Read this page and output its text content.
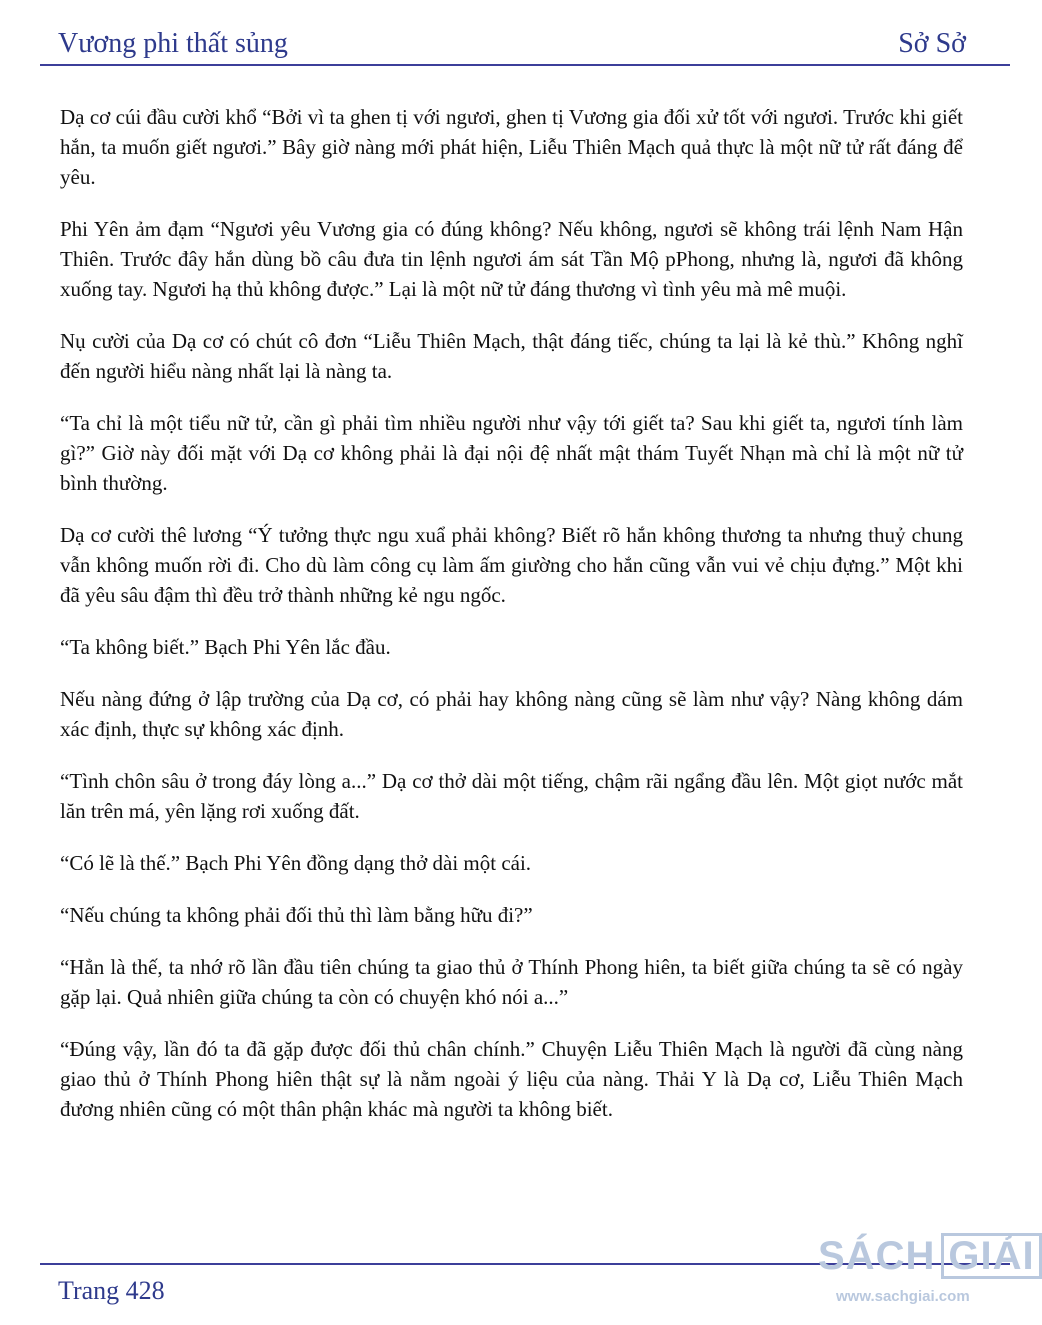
Vương phi thất sủng	Sở Sở

Dạ cơ cúi đầu cười khổ “Bởi vì ta ghen tị với ngươi, ghen tị Vương gia đối xử tốt với ngươi. Trước khi giết hắn, ta muốn giết ngươi.” Bây giờ nàng mới phát hiện, Liễu Thiên Mạch quả thực là một nữ tử rất đáng để yêu.

Phi Yên ảm đạm “Ngươi yêu Vương gia có đúng không? Nếu không, ngươi sẽ không trái lệnh Nam Hận Thiên. Trước đây hắn dùng bồ câu đưa tin lệnh ngươi ám sát Tần Mộ pPhong, nhưng là, ngươi đã không xuống tay. Ngươi hạ thủ không được.” Lại là một nữ tử đáng thương vì tình yêu mà mê muội.

Nụ cười của Dạ cơ có chút cô đơn “Liễu Thiên Mạch, thật đáng tiếc, chúng ta lại là kẻ thù.” Không nghĩ đến người hiểu nàng nhất lại là nàng ta.

“Ta chỉ là một tiểu nữ tử, cần gì phải tìm nhiều người như vậy tới giết ta? Sau khi giết ta, ngươi tính làm gì?” Giờ này đối mặt với Dạ cơ không phải là đại nội đệ nhất mật thám Tuyết Nhạn mà chỉ là một nữ tử bình thường.

Dạ cơ cười thê lương “Ý tưởng thực ngu xuẩ phải không? Biết rõ hắn không thương ta nhưng thuỷ chung vẫn không muốn rời đi. Cho dù làm công cụ làm ấm giường cho hắn cũng vẫn vui vẻ chịu đựng.” Một khi đã yêu sâu đậm thì đều trở thành những kẻ ngu ngốc.

“Ta không biết.” Bạch Phi Yên lắc đầu.

Nếu nàng đứng ở lập trường của Dạ cơ, có phải hay không nàng cũng sẽ làm như vậy? Nàng không dám xác định, thực sự không xác định.

“Tình chôn sâu ở trong đáy lòng a...” Dạ cơ thở dài một tiếng, chậm rãi ngẩng đầu lên. Một giọt nước mắt lăn trên má, yên lặng rơi xuống đất.

“Có lẽ là thế.” Bạch Phi Yên đồng dạng thở dài một cái.

“Nếu chúng ta không phải đối thủ thì làm bằng hữu đi?”

“Hẳn là thế, ta nhớ rõ lần đầu tiên chúng ta giao thủ ở Thính Phong hiên, ta biết giữa chúng ta sẽ có ngày gặp lại. Quả nhiên giữa chúng ta còn có chuyện khó nói a...”

“Đúng vậy, lần đó ta đã gặp được đối thủ chân chính.” Chuyện Liễu Thiên Mạch là người đã cùng nàng giao thủ ở Thính Phong hiên thật sự là nằm ngoài ý liệu của nàng. Thải Y là Dạ cơ, Liễu Thiên Mạch đương nhiên cũng có một thân phận khác mà người ta không biết.

Trang 428
SÁCH GIẢI
www.sachgiai.com
